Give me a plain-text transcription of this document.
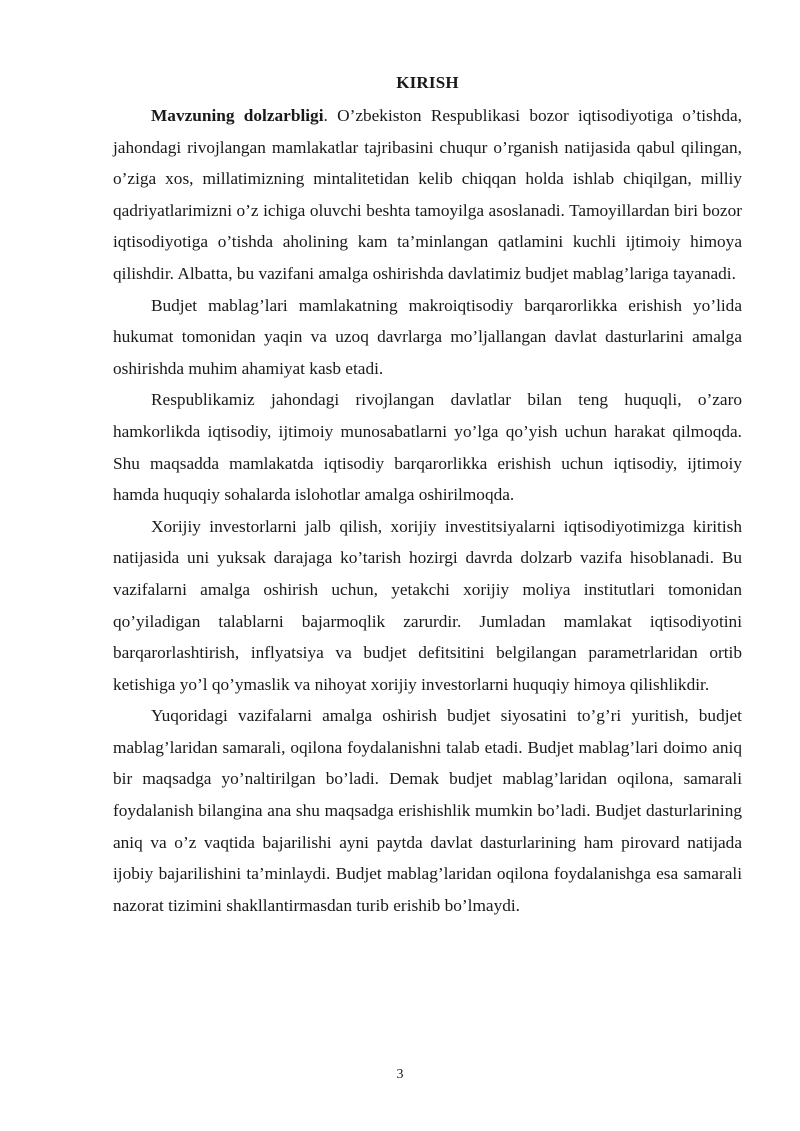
KIRISH

Mavzuning dolzarbligi. O’zbekiston Respublikasi bozor iqtisodiyotiga o’tishda, jahondagi rivojlangan mamlakatlar tajribasini chuqur o’rganish natijasida qabul qilingan, o’ziga xos, millatimizning mintalitetidan kelib chiqqan holda ishlab chiqilgan, milliy qadriyatlarimizni o’z ichiga oluvchi beshta tamoyilga asoslanadi. Tamoyillardan biri bozor iqtisodiyotiga o’tishda aholining kam ta’minlangan qatlamini kuchli ijtimoiy himoya qilishdir. Albatta, bu vazifani amalga oshirishda davlatimiz budjet mablag’lariga tayanadi.

Budjet mablag’lari mamlakatning makroiqtisodiy barqarorlikka erishish yo’lida hukumat tomonidan yaqin va uzoq davrlarga mo’ljallangan davlat dasturlarini amalga oshirishda muhim ahamiyat kasb etadi.

Respublikamiz jahondagi rivojlangan davlatlar bilan teng huquqli, o’zaro hamkorlikda iqtisodiy, ijtimoiy munosabatlarni yo’lga qo’yish uchun harakat qilmoqda. Shu maqsadda mamlakatda iqtisodiy barqarorlikka erishish uchun iqtisodiy, ijtimoiy hamda huquqiy sohalarda islohotlar amalga oshirilmoqda.

Xorijiy investorlarni jalb qilish, xorijiy investitsiyalarni iqtisodiyotimizga kiritish natijasida uni yuksak darajaga ko’tarish hozirgi davrda dolzarb vazifa hisoblanadi. Bu vazifalarni amalga oshirish uchun, yetakchi xorijiy moliya institutlari tomonidan qo’yiladigan talablarni bajarmoqlik zarurdir. Jumladan mamlakat iqtisodiyotini barqarorlashtirish, inflyatsiya va budjet defitsitini belgilangan parametrlaridan ortib ketishiga yo’l qo’ymaslik va nihoyat xorijiy investorlarni huquqiy himoya qilishlikdir.

Yuqoridagi vazifalarni amalga oshirish budjet siyosatini to’g’ri yuritish, budjet mablag’laridan samarali, oqilona foydalanishni talab etadi. Budjet mablag’lari doimo aniq bir maqsadga yo’naltirilgan bo’ladi. Demak budjet mablag’laridan oqilona, samarali foydalanish bilangina ana shu maqsadga erishishlik mumkin bo’ladi. Budjet dasturlarining aniq va o’z vaqtida bajarilishi ayni paytda davlat dasturlarining ham pirovard natijada ijobiy bajarilishini ta’minlaydi. Budjet mablag’laridan oqilona foydalanishga esa samarali nazorat tizimini shakllantirmasdan turib erishib bo’lmaydi.

3
